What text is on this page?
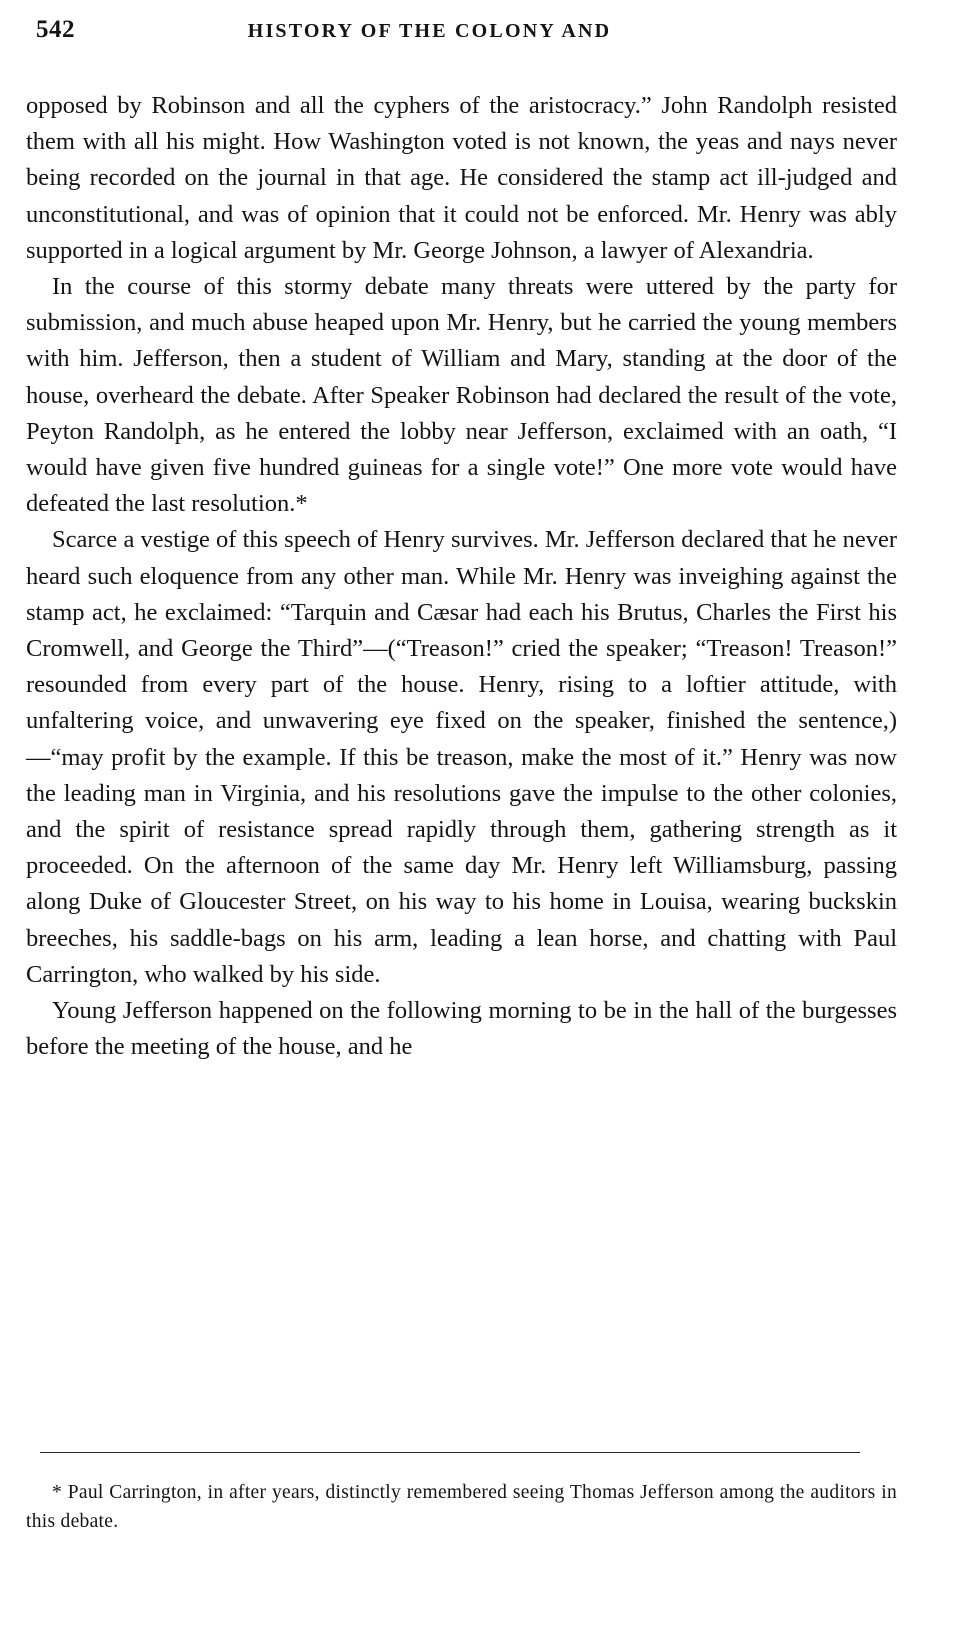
542	HISTORY OF THE COLONY AND

opposed by Robinson and all the cyphers of the aristocracy.” John Randolph resisted them with all his might. How Washington voted is not known, the yeas and nays never being recorded on the journal in that age. He considered the stamp act ill-judged and unconstitutional, and was of opinion that it could not be enforced. Mr. Henry was ably supported in a logical argument by Mr. George Johnson, a lawyer of Alexandria.

In the course of this stormy debate many threats were uttered by the party for submission, and much abuse heaped upon Mr. Henry, but he carried the young members with him. Jefferson, then a student of William and Mary, standing at the door of the house, overheard the debate. After Speaker Robinson had declared the result of the vote, Peyton Randolph, as he entered the lobby near Jefferson, exclaimed with an oath, “I would have given five hundred guineas for a single vote!” One more vote would have defeated the last resolution.*

Scarce a vestige of this speech of Henry survives. Mr. Jefferson declared that he never heard such eloquence from any other man. While Mr. Henry was inveighing against the stamp act, he exclaimed: “Tarquin and Cæsar had each his Brutus, Charles the First his Cromwell, and George the Third”—(“Treason!” cried the speaker; “Treason! Treason!” resounded from every part of the house. Henry, rising to a loftier attitude, with unfaltering voice, and unwavering eye fixed on the speaker, finished the sentence,)—“may profit by the example. If this be treason, make the most of it.” Henry was now the leading man in Virginia, and his resolutions gave the impulse to the other colonies, and the spirit of resistance spread rapidly through them, gathering strength as it proceeded. On the afternoon of the same day Mr. Henry left Williamsburg, passing along Duke of Gloucester Street, on his way to his home in Louisa, wearing buckskin breeches, his saddle-bags on his arm, leading a lean horse, and chatting with Paul Carrington, who walked by his side.

Young Jefferson happened on the following morning to be in the hall of the burgesses before the meeting of the house, and he

* Paul Carrington, in after years, distinctly remembered seeing Thomas Jefferson among the auditors in this debate.
